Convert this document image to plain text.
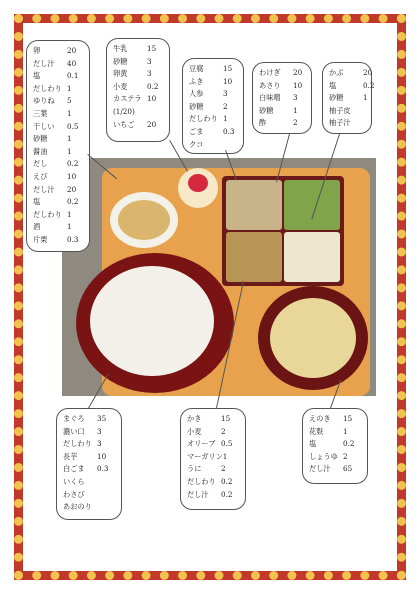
卵	20
だし汁	40
塩	0.1
だしわり 1
ゆりね	5
三葉	1
干しい	0.5
砂糖	1
醤油	1
だし	0.2
えび	10
だし汁	20
塩	0.2
だしわり 1
酒	1
片栗	0.3
牛乳	15
砂糖	3
卵黄	3
小麦	0.2
カステラ 10
(1/20)
いちご	20
豆腐	15
ふき	10
人参	3
砂糖	2
だしわり 1
ごま	0.3
クコ
わけぎ	20
あさり	10
白味噌	3
砂糖	1
酢	2
かぶ	20
塩	0.2
砂糖	1
柚子皮
柚子汁
まぐろ	35
濃い口	3
だしわり 3
長芋	10
白ごま	0.3
いくら
わさび
あおのり
かき	15
小麦	2
オリーブ 0.5
マーガリン 1
うに	2
だしわり 0.2
だし汁	0.2
えのき	15
花麩	1
塩	0.2
しょうゆ 2
だし汁	65
